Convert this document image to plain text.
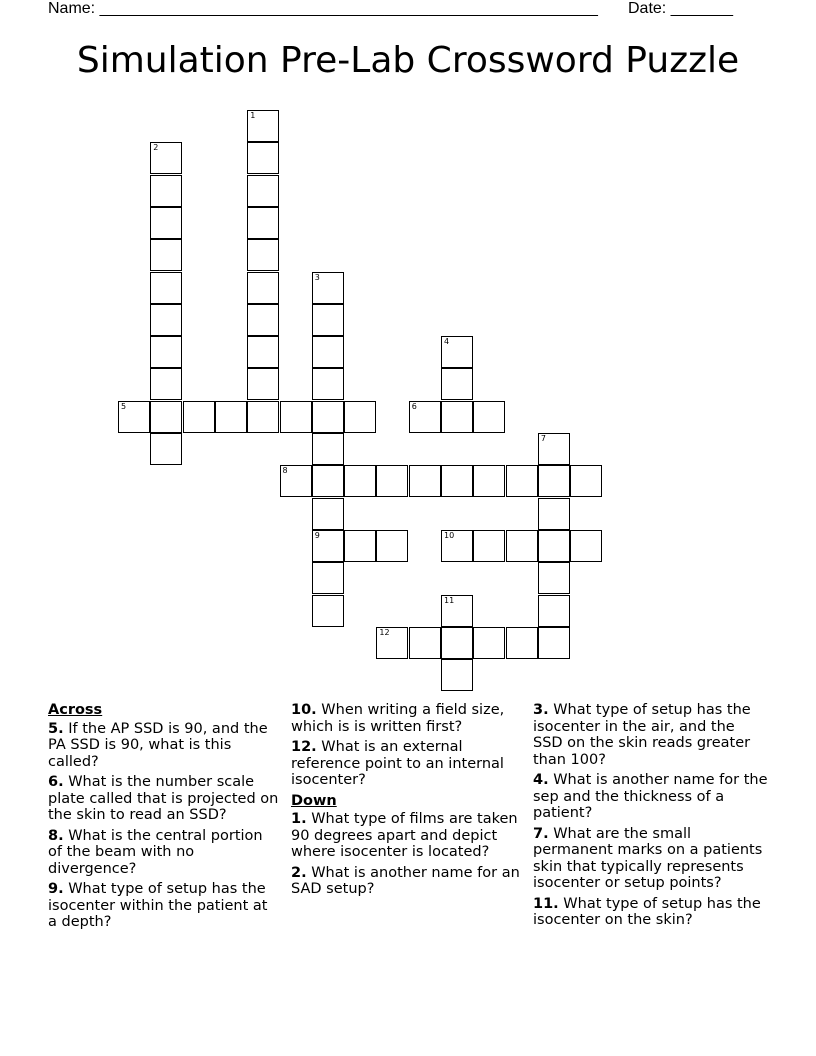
Name: ________________________________________________________ Date: _______
Simulation Pre-Lab Crossword Puzzle
1
2
3
9
4
5	6
7
8
10
11
12
Across
5. If the AP SSD is 90, and the PA SSD is 90, what is this called?
6. What is the number scale plate called that is projected on the skin to read an SSD?
8. What is the central portion of the beam with no divergence?
9. What type of setup has the isocenter within the patient at a depth?
10. When writing a field size, which is is written first?
12. What is an external reference point to an internal isocenter?
Down
1. What type of films are taken 90 degrees apart and depict where isocenter is located?
2. What is another name for an SAD setup?
3. What type of setup has the isocenter in the air, and the SSD on the skin reads greater than 100?
4. What is another name for the sep and the thickness of a patient?
7. What are the small permanent marks on a patients skin that typically represents isocenter or setup points?
11. What type of setup has the isocenter on the skin?
